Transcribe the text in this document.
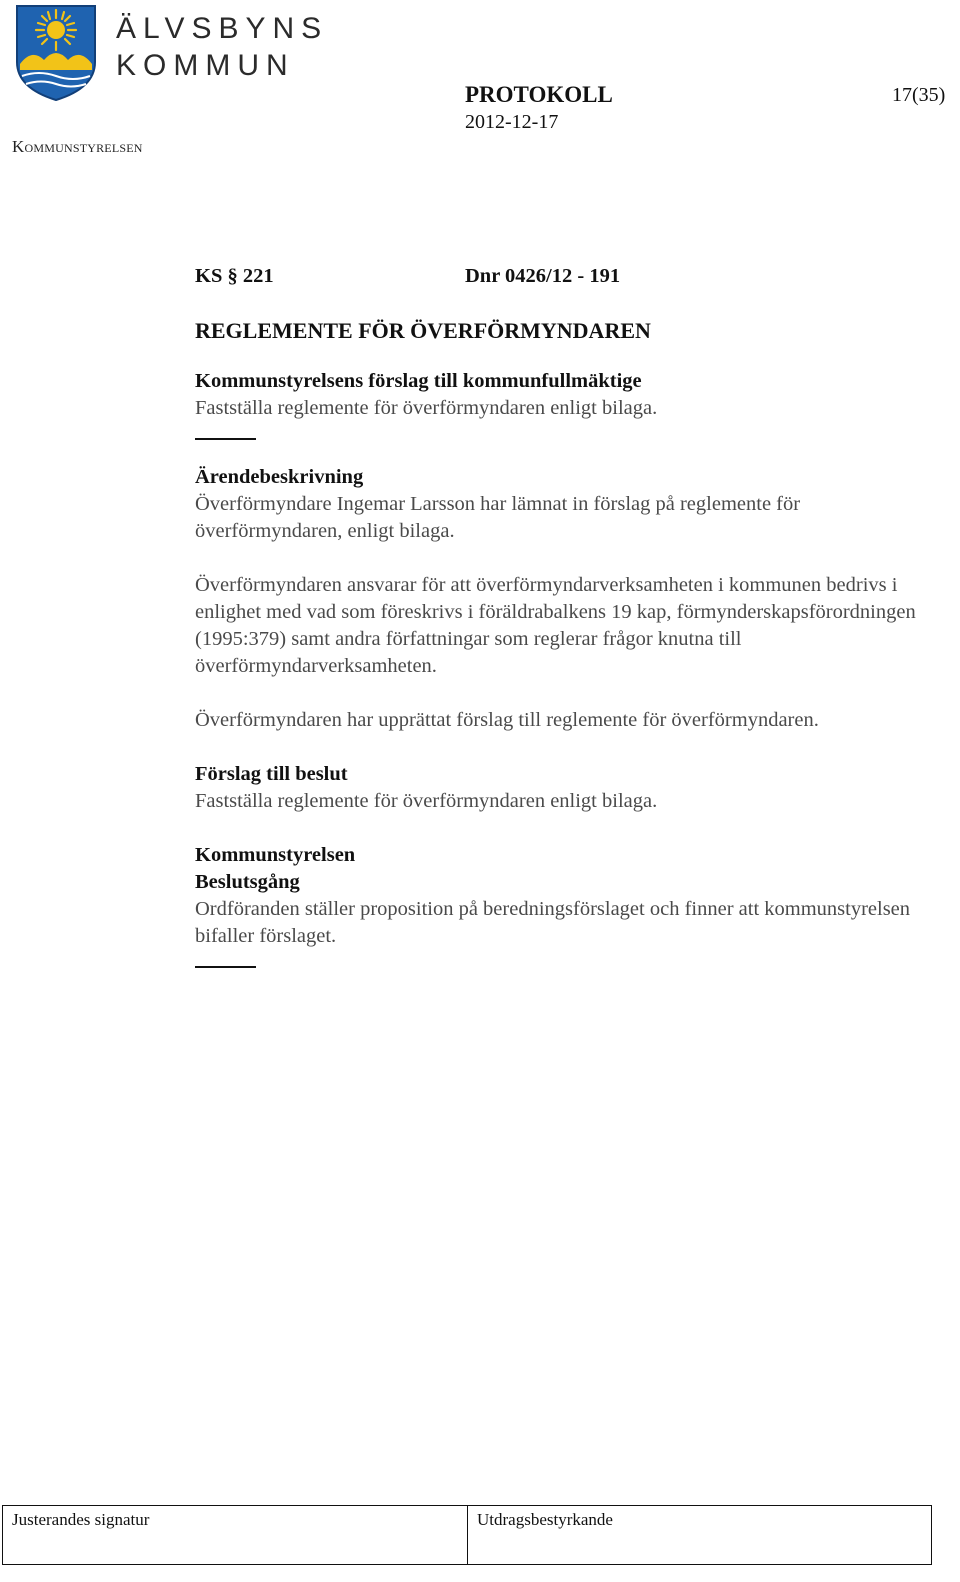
ÄLVSBYNS
KOMMUN
Kommunstyrelsen
PROTOKOLL
2012-12-17
17(35)
KS § 221	Dnr 0426/12 - 191
REGLEMENTE FÖR ÖVERFÖRMYNDAREN
Kommunstyrelsens förslag till kommunfullmäktige

Fastställa reglemente för överförmyndaren enligt bilaga.

Ärendebeskrivning

Överförmyndare Ingemar Larsson har lämnat in förslag på reglemente för överförmyndaren, enligt bilaga.

Överförmyndaren ansvarar för att överförmyndarverksamheten i kommunen bedrivs i enlighet med vad som föreskrivs i föräldrabalkens 19 kap, förmynderskapsförordningen (1995:379) samt andra författningar som reglerar frågor knutna till överförmyndarverksamheten.

Överförmyndaren har upprättat förslag till reglemente för överförmyndaren.

Förslag till beslut

Fastställa reglemente för överförmyndaren enligt bilaga.

Kommunstyrelsen
Beslutsgång

Ordföranden ställer proposition på beredningsförslaget och finner att kommunstyrelsen bifaller förslaget.

Justerandes signatur	Utdragsbestyrkande
